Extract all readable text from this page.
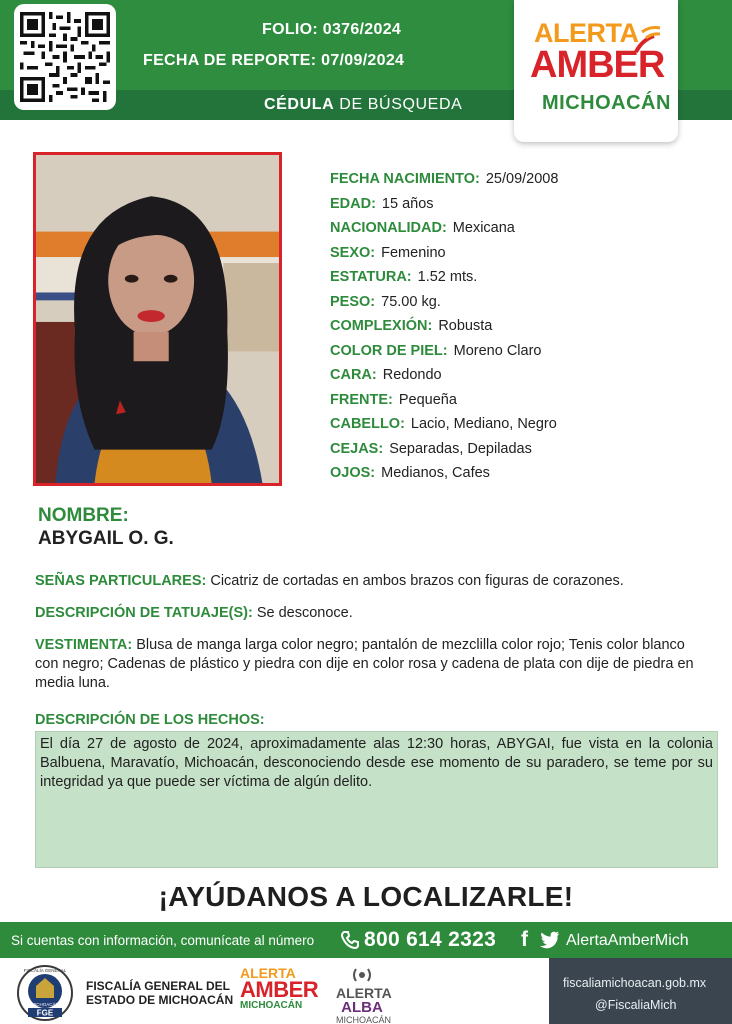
FOLIO: 0376/2024
FECHA DE REPORTE: 07/09/2024
CÉDULA DE BÚSQUEDA
ALERTA
AMBER
MICHOACÁN
FECHA NACIMIENTO: 25/09/2008
EDAD: 15 años
NACIONALIDAD: Mexicana
SEXO: Femenino
ESTATURA: 1.52 mts.
PESO: 75.00 kg.
COMPLEXIÓN: Robusta
COLOR DE PIEL: Moreno Claro
CARA: Redondo
FRENTE: Pequeña
CABELLO: Lacio, Mediano, Negro
CEJAS: Separadas, Depiladas
OJOS: Medianos, Cafes
NOMBRE:
ABYGAIL O. G.
SEÑAS PARTICULARES: Cicatriz de cortadas en ambos brazos con figuras de corazones.
DESCRIPCIÓN DE TATUAJE(S): Se desconoce.
VESTIMENTA: Blusa de manga larga color negro; pantalón de mezclilla color rojo; Tenis color blanco con negro; Cadenas de plástico y piedra con dije en color rosa y cadena de plata con dije de piedra en media luna.
DESCRIPCIÓN DE LOS HECHOS:
El día 27 de agosto de 2024, aproximadamente alas 12:30 horas, ABYGAI, fue vista en la colonia Balbuena, Maravatío, Michoacán, desconociendo desde ese momento de su paradero, se teme por su integridad ya que puede ser víctima de algún delito.
¡AYÚDANOS A LOCALIZARLE!
Si cuentas con información, comunícate al número 800 614 2323 f AlertaAmberMich
FGE
MICHOACÁN
FISCALÍA GENERAL
FISCALÍA GENERAL DEL
ESTADO DE MICHOACÁN
ALERTA
AMBER
MICHOACÁN
ALERTA
ALBA
MICHOACÁN
fiscaliamichoacan.gob.mx
@FiscaliaMich
